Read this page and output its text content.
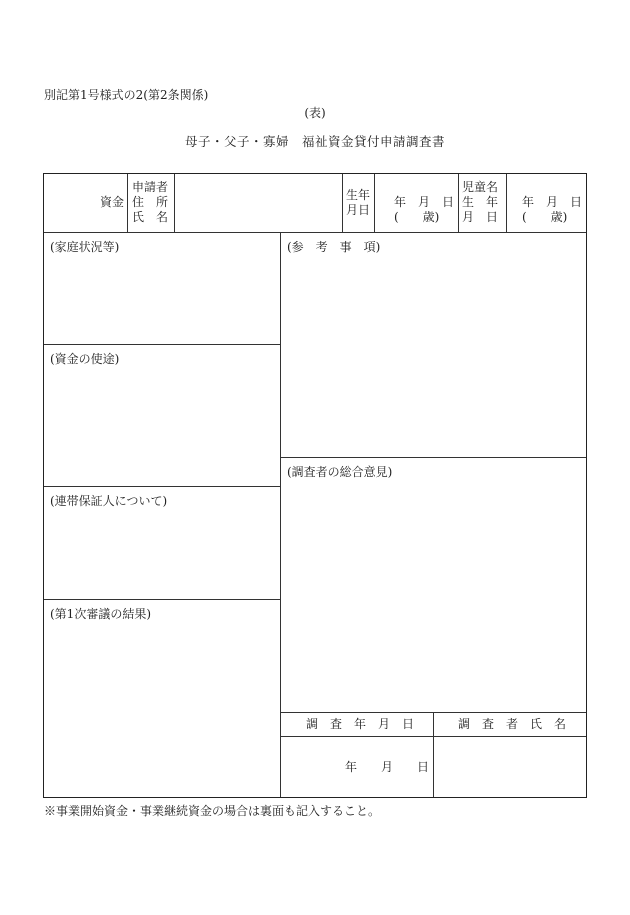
別記第1号様式の2(第2条関係)
(表)
母子・父子・寡婦　福祉資金貸付申請調査書
資金
申請者
住　所
氏　名
生年
月日
年　月　日
(　　歳)
児童名
生　年
月　日
年　月　日
(　　歳)
(家庭状況等)
(資金の使途)
(連帯保証人について)
(第1次審議の結果)
(参　考　事　項)
(調査者の総合意見)
調　査　年　月　日	調　査　者　氏　名
年　　月　　日
※事業開始資金・事業継続資金の場合は裏面も記入すること。
